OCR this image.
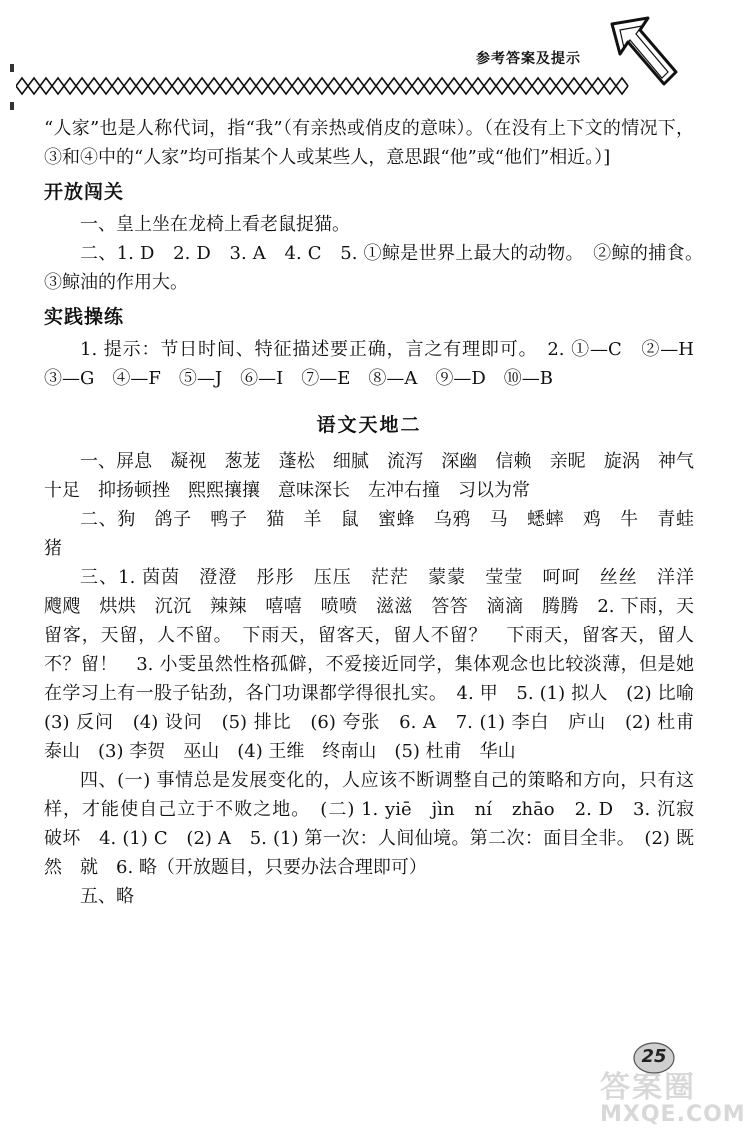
参考答案及提示

“人家”也是人称代词，指“我”（有亲热或俏皮的意味）。（在没有上下文的情况下，③和④中的“人家”均可指某个人或某些人，意思跟“他”或“他们”相近。）]

开放闯关

一、皇上坐在龙椅上看老鼠捉猫。

二、1. D　2. D　3. A　4. C　5. ①鲸是世界上最大的动物。　②鲸的捕食。　③鲸油的作用大。

实践操练

1. 提示：节日时间、特征描述要正确，言之有理即可。　2. ①—C　②—H　③—G　④—F　⑤—J　⑥—I　⑦—E　⑧—A　⑨—D　⑩—B

语文天地二

一、屏息　凝视　葱茏　蓬松　细腻　流泻　深幽　信赖　亲昵　旋涡　神气十足　抑扬顿挫　熙熙攘攘　意味深长　左冲右撞　习以为常

二、狗　鸽子　鸭子　猫　羊　鼠　蜜蜂　乌鸦　马　蟋蟀　鸡　牛　青蛙　猪

三、1. 茵茵　澄澄　彤彤　压压　茫茫　蒙蒙　莹莹　呵呵　丝丝　洋洋　飕飕　烘烘　沉沉　辣辣　嘻嘻　喷喷　滋滋　答答　滴滴　腾腾　2. 下雨，天留客，天留，人不留。　下雨天，留客天，留人不留？　下雨天，留客天，留人不？留！　3. 小雯虽然性格孤僻，不爱接近同学，集体观念也比较淡薄，但是她在学习上有一股子钻劲，各门功课都学得很扎实。　4. 甲　5. (1) 拟人　(2) 比喻　(3) 反问　(4) 设问　(5) 排比　(6) 夸张　6. A　7. (1) 李白　庐山　(2) 杜甫　泰山　(3) 李贺　巫山　(4) 王维　终南山　(5) 杜甫　华山

四、(一) 事情总是发展变化的，人应该不断调整自己的策略和方向，只有这样，才能使自己立于不败之地。　(二) 1. yiē　jìn　ní　zhāo　2. D　3. 沉寂　破坏　4. (1) C　(2) A　5. (1) 第一次：人间仙境。第二次：面目全非。　(2) 既然　就　6. 略（开放题目，只要办法合理即可）

五、略

25
答案圈
MXQE.COM
